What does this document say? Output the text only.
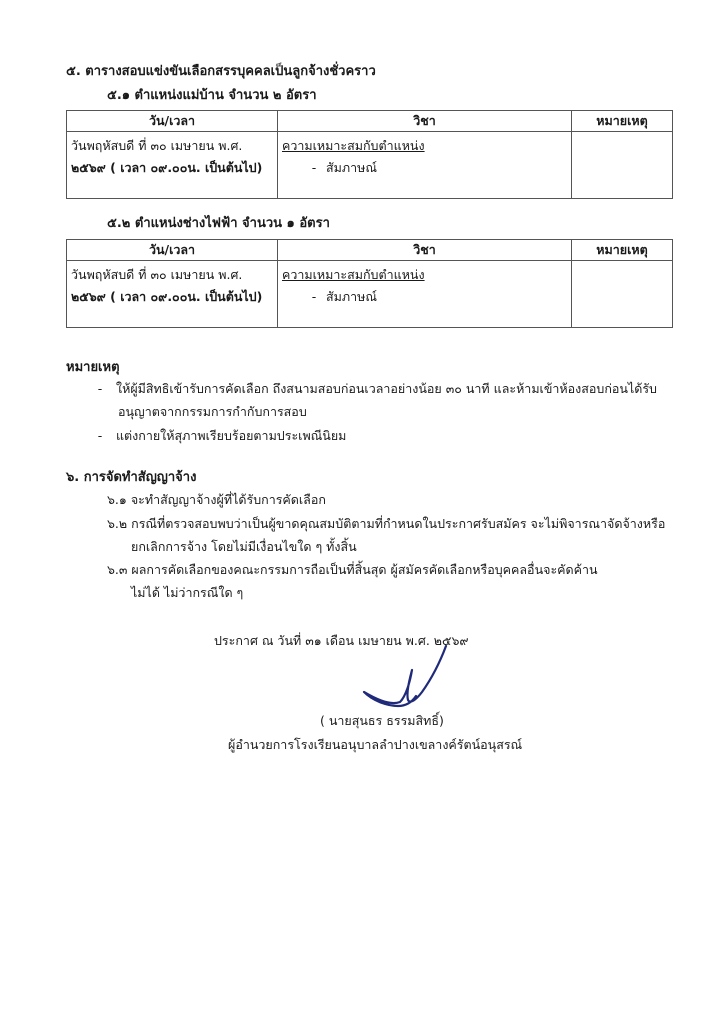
๕. ตารางสอบแข่งขันเลือกสรรบุคคลเป็นลูกจ้างชั่วคราว
๕.๑ ตำแหน่งแม่บ้าน จำนวน ๒ อัตรา
วัน/เวลา	วิชา	หมายเหตุ

วันพฤหัสบดี ที่ ๓๐ เมษายน พ.ศ.
๒๕๖๙ ( เวลา ๐๙.๐๐น. เป็นต้นไป)	ความเหมาะสมกับตำแหน่ง
- สัมภาษณ์	

๕.๒ ตำแหน่งช่างไฟฟ้า จำนวน ๑ อัตรา
วัน/เวลา	วิชา	หมายเหตุ

วันพฤหัสบดี ที่ ๓๐ เมษายน พ.ศ.
๒๕๖๙ ( เวลา ๐๙.๐๐น. เป็นต้นไป)	ความเหมาะสมกับตำแหน่ง
- สัมภาษณ์	

หมายเหตุ
- ให้ผู้มีสิทธิเข้ารับการคัดเลือก ถึงสนามสอบก่อนเวลาอย่างน้อย ๓๐ นาที และห้ามเข้าห้องสอบก่อนได้รับ
อนุญาตจากกรรมการกำกับการสอบ
- แต่งกายให้สุภาพเรียบร้อยตามประเพณีนิยม
๖. การจัดทำสัญญาจ้าง
๖.๑ จะทำสัญญาจ้างผู้ที่ได้รับการคัดเลือก
๖.๒ กรณีที่ตรวจสอบพบว่าเป็นผู้ขาดคุณสมบัติตามที่กำหนดในประกาศรับสมัคร จะไม่พิจารณาจัดจ้างหรือ
ยกเลิกการจ้าง โดยไม่มีเงื่อนไขใด ๆ ทั้งสิ้น
๖.๓ ผลการคัดเลือกของคณะกรรมการถือเป็นที่สิ้นสุด ผู้สมัครคัดเลือกหรือบุคคลอื่นจะคัดค้าน
ไม่ได้ ไม่ว่ากรณีใด ๆ
ประกาศ ณ วันที่ ๓๑ เดือน เมษายน พ.ศ. ๒๕๖๙
( นายสุนธร ธรรมสิทธิ์)
ผู้อำนวยการโรงเรียนอนุบาลลำปางเขลางค์รัตน์อนุสรณ์
